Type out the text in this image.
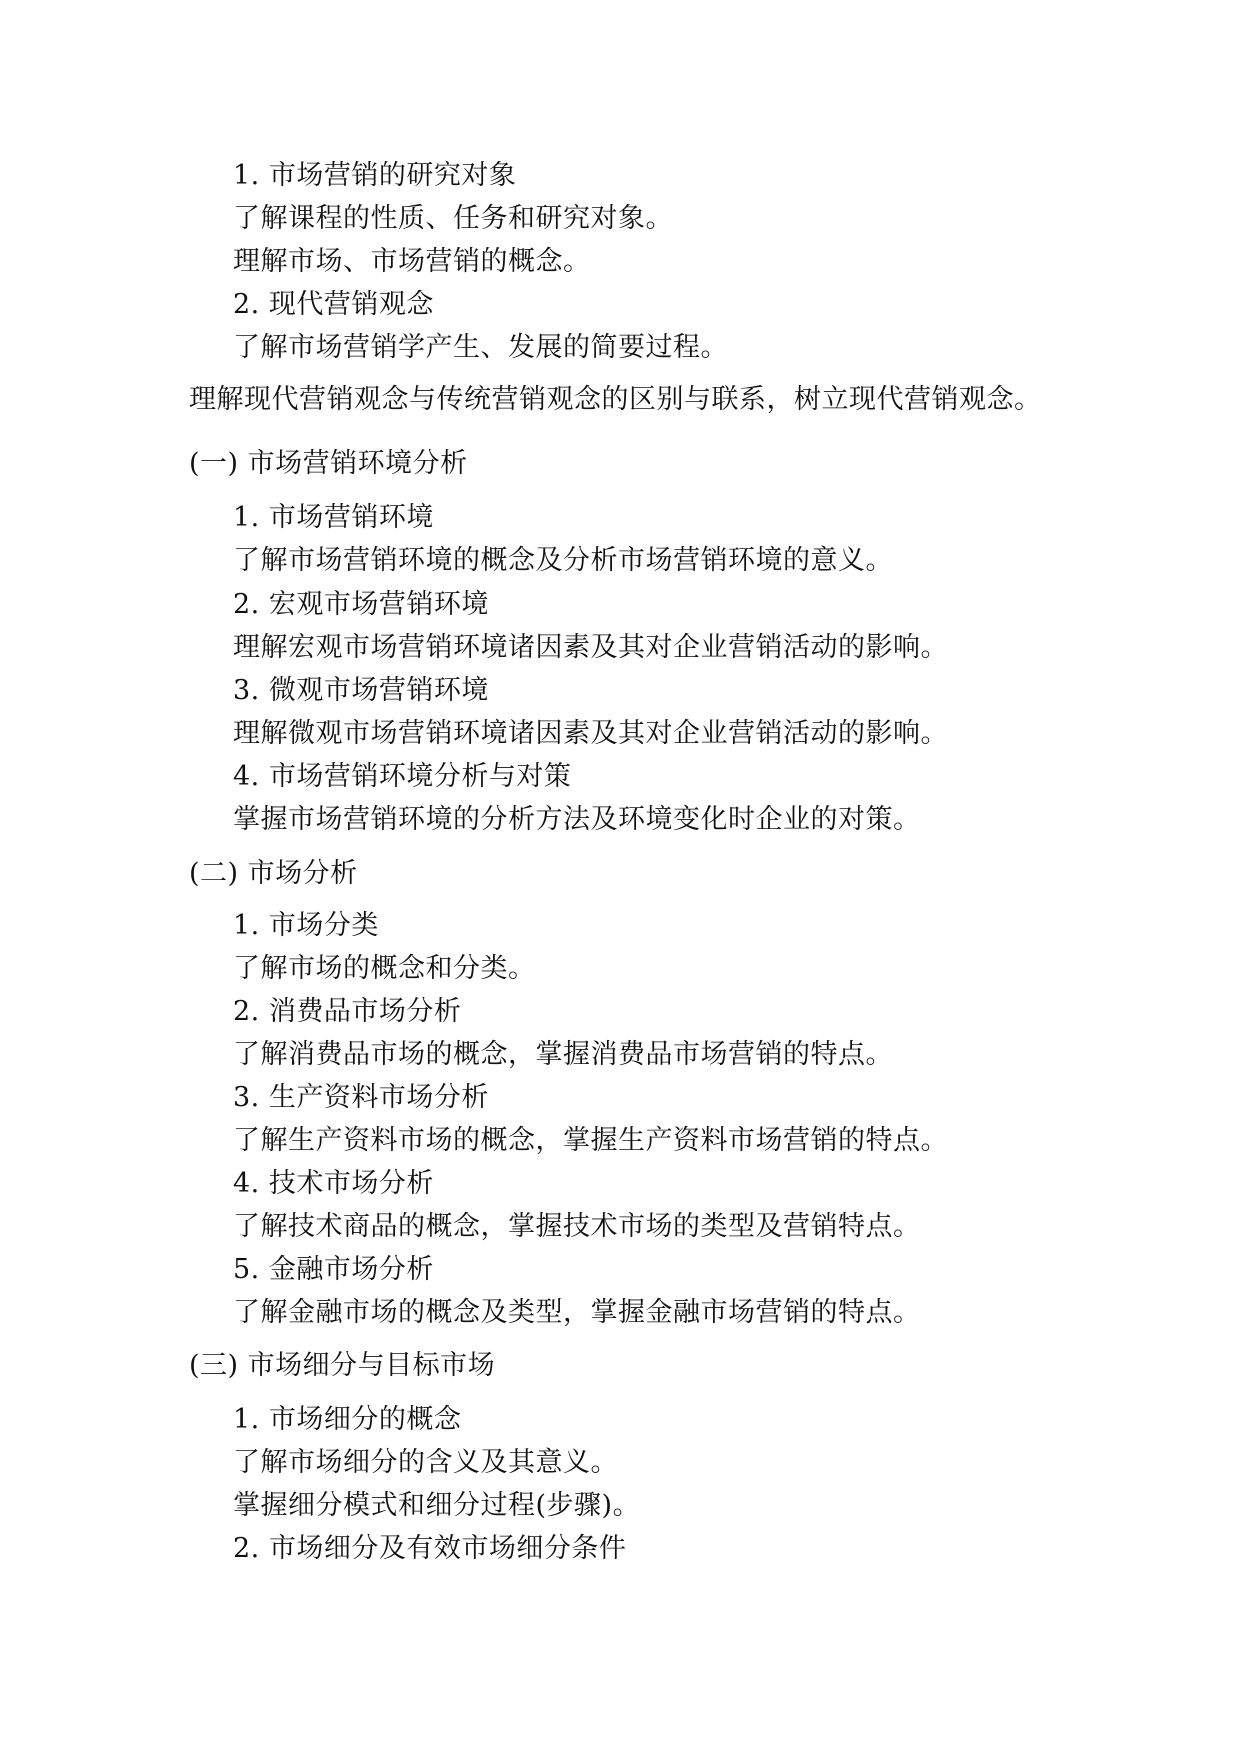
1. 市场营销的研究对象
了解课程的性质、任务和研究对象。
理解市场、市场营销的概念。
2. 现代营销观念
了解市场营销学产生、发展的简要过程。
理解现代营销观念与传统营销观念的区别与联系，树立现代营销观念。
(一) 市场营销环境分析
1. 市场营销环境
了解市场营销环境的概念及分析市场营销环境的意义。
2. 宏观市场营销环境
理解宏观市场营销环境诸因素及其对企业营销活动的影响。
3. 微观市场营销环境
理解微观市场营销环境诸因素及其对企业营销活动的影响。
4. 市场营销环境分析与对策
掌握市场营销环境的分析方法及环境变化时企业的对策。
(二) 市场分析
1. 市场分类
了解市场的概念和分类。
2. 消费品市场分析
了解消费品市场的概念，掌握消费品市场营销的特点。
3. 生产资料市场分析
了解生产资料市场的概念，掌握生产资料市场营销的特点。
4. 技术市场分析
了解技术商品的概念，掌握技术市场的类型及营销特点。
5. 金融市场分析
了解金融市场的概念及类型，掌握金融市场营销的特点。
(三) 市场细分与目标市场
1. 市场细分的概念
了解市场细分的含义及其意义。
掌握细分模式和细分过程(步骤)。
2. 市场细分及有效市场细分条件
